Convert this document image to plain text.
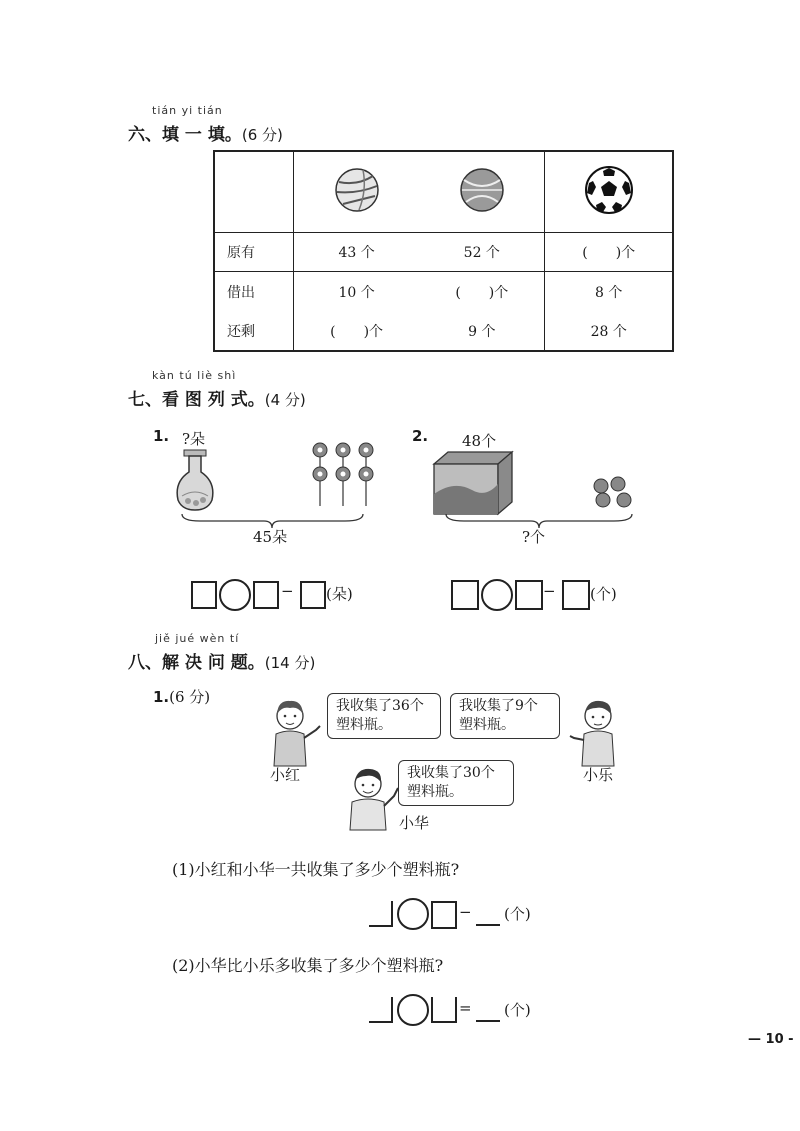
tián yi tián
六、填 一 填。(6 分)

原有	43 个	52 个	(　　)个
借出	10 个	(　　)个	8 个
还剩	(　　)个	9 个	28 个
kàn tú liè shì
七、看 图 列 式。(4 分)
1. ?朵
45朵
− (朵)
2. 48个
?个
− (个)
jiě jué wèn tí
八、解 决 问 题。(14 分)
1.(6 分)
小红
我收集了36个塑料瓶。
我收集了9个塑料瓶。
小乐
小华
我收集了30个塑料瓶。
(1)小红和小华一共收集了多少个塑料瓶?
− (个)
(2)小华比小乐多收集了多少个塑料瓶?
= (个)
— 10 -
